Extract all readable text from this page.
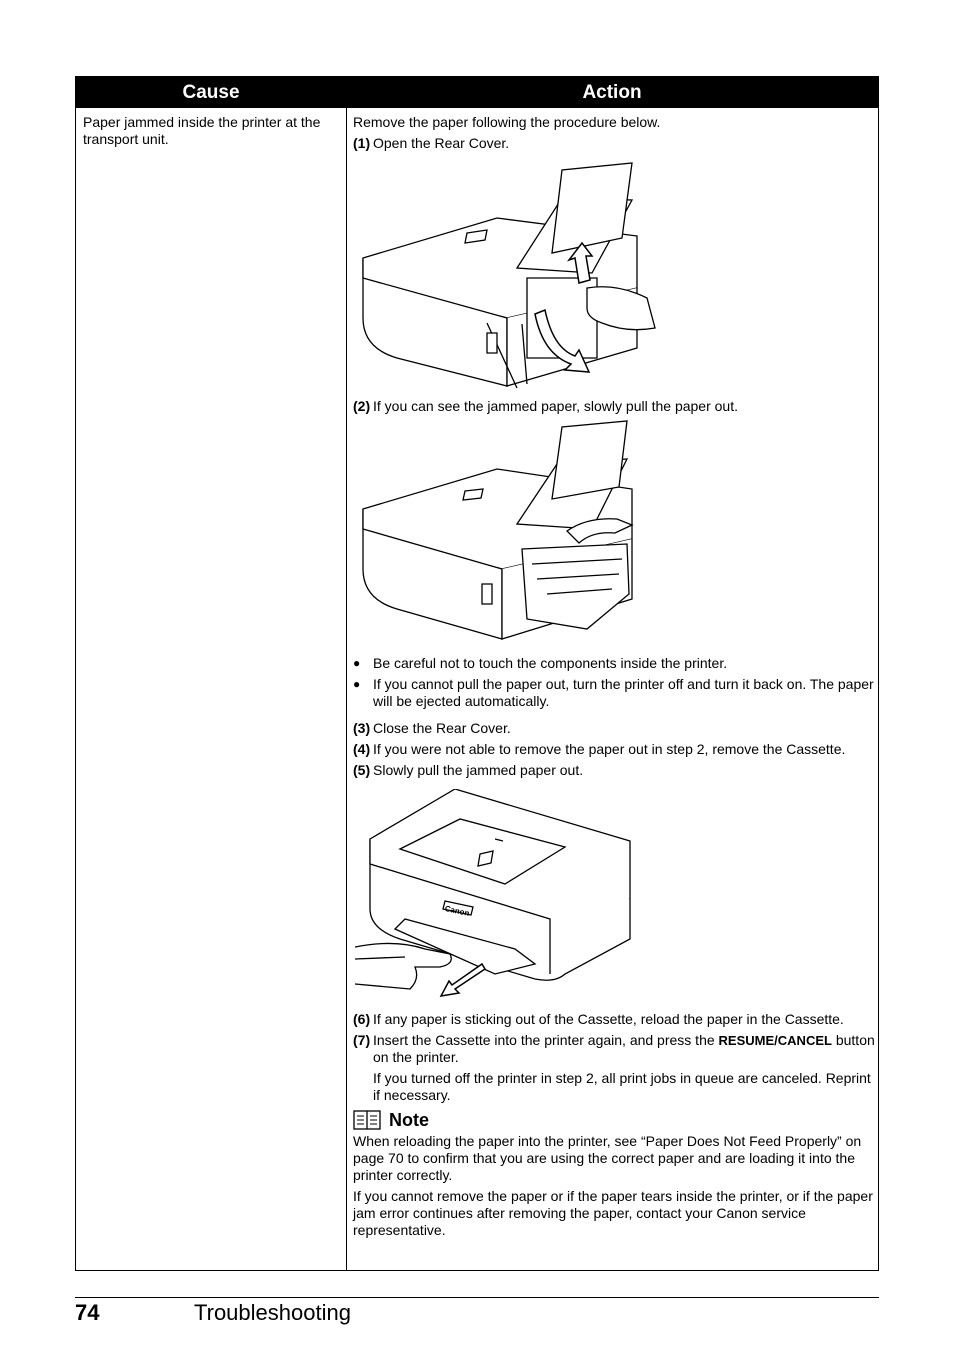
Cause	Action
Paper jammed inside the printer at the transport unit.
Remove the paper following the procedure below.
(1) Open the Rear Cover.
(2) If you can see the jammed paper, slowly pull the paper out.
● Be careful not to touch the components inside the printer.
● If you cannot pull the paper out, turn the printer off and turn it back on. The paper will be ejected automatically.
(3) Close the Rear Cover.
(4) If you were not able to remove the paper out in step 2, remove the Cassette.
(5) Slowly pull the jammed paper out.
Canon
(6) If any paper is sticking out of the Cassette, reload the paper in the Cassette.
(7) Insert the Cassette into the printer again, and press the RESUME/CANCEL button on the printer.
If you turned off the printer in step 2, all print jobs in queue are canceled. Reprint if necessary.
Note
When reloading the paper into the printer, see “Paper Does Not Feed Properly” on page 70 to confirm that you are using the correct paper and are loading it into the printer correctly.
If you cannot remove the paper or if the paper tears inside the printer, or if the paper jam error continues after removing the paper, contact your Canon service representative.
74	Troubleshooting
